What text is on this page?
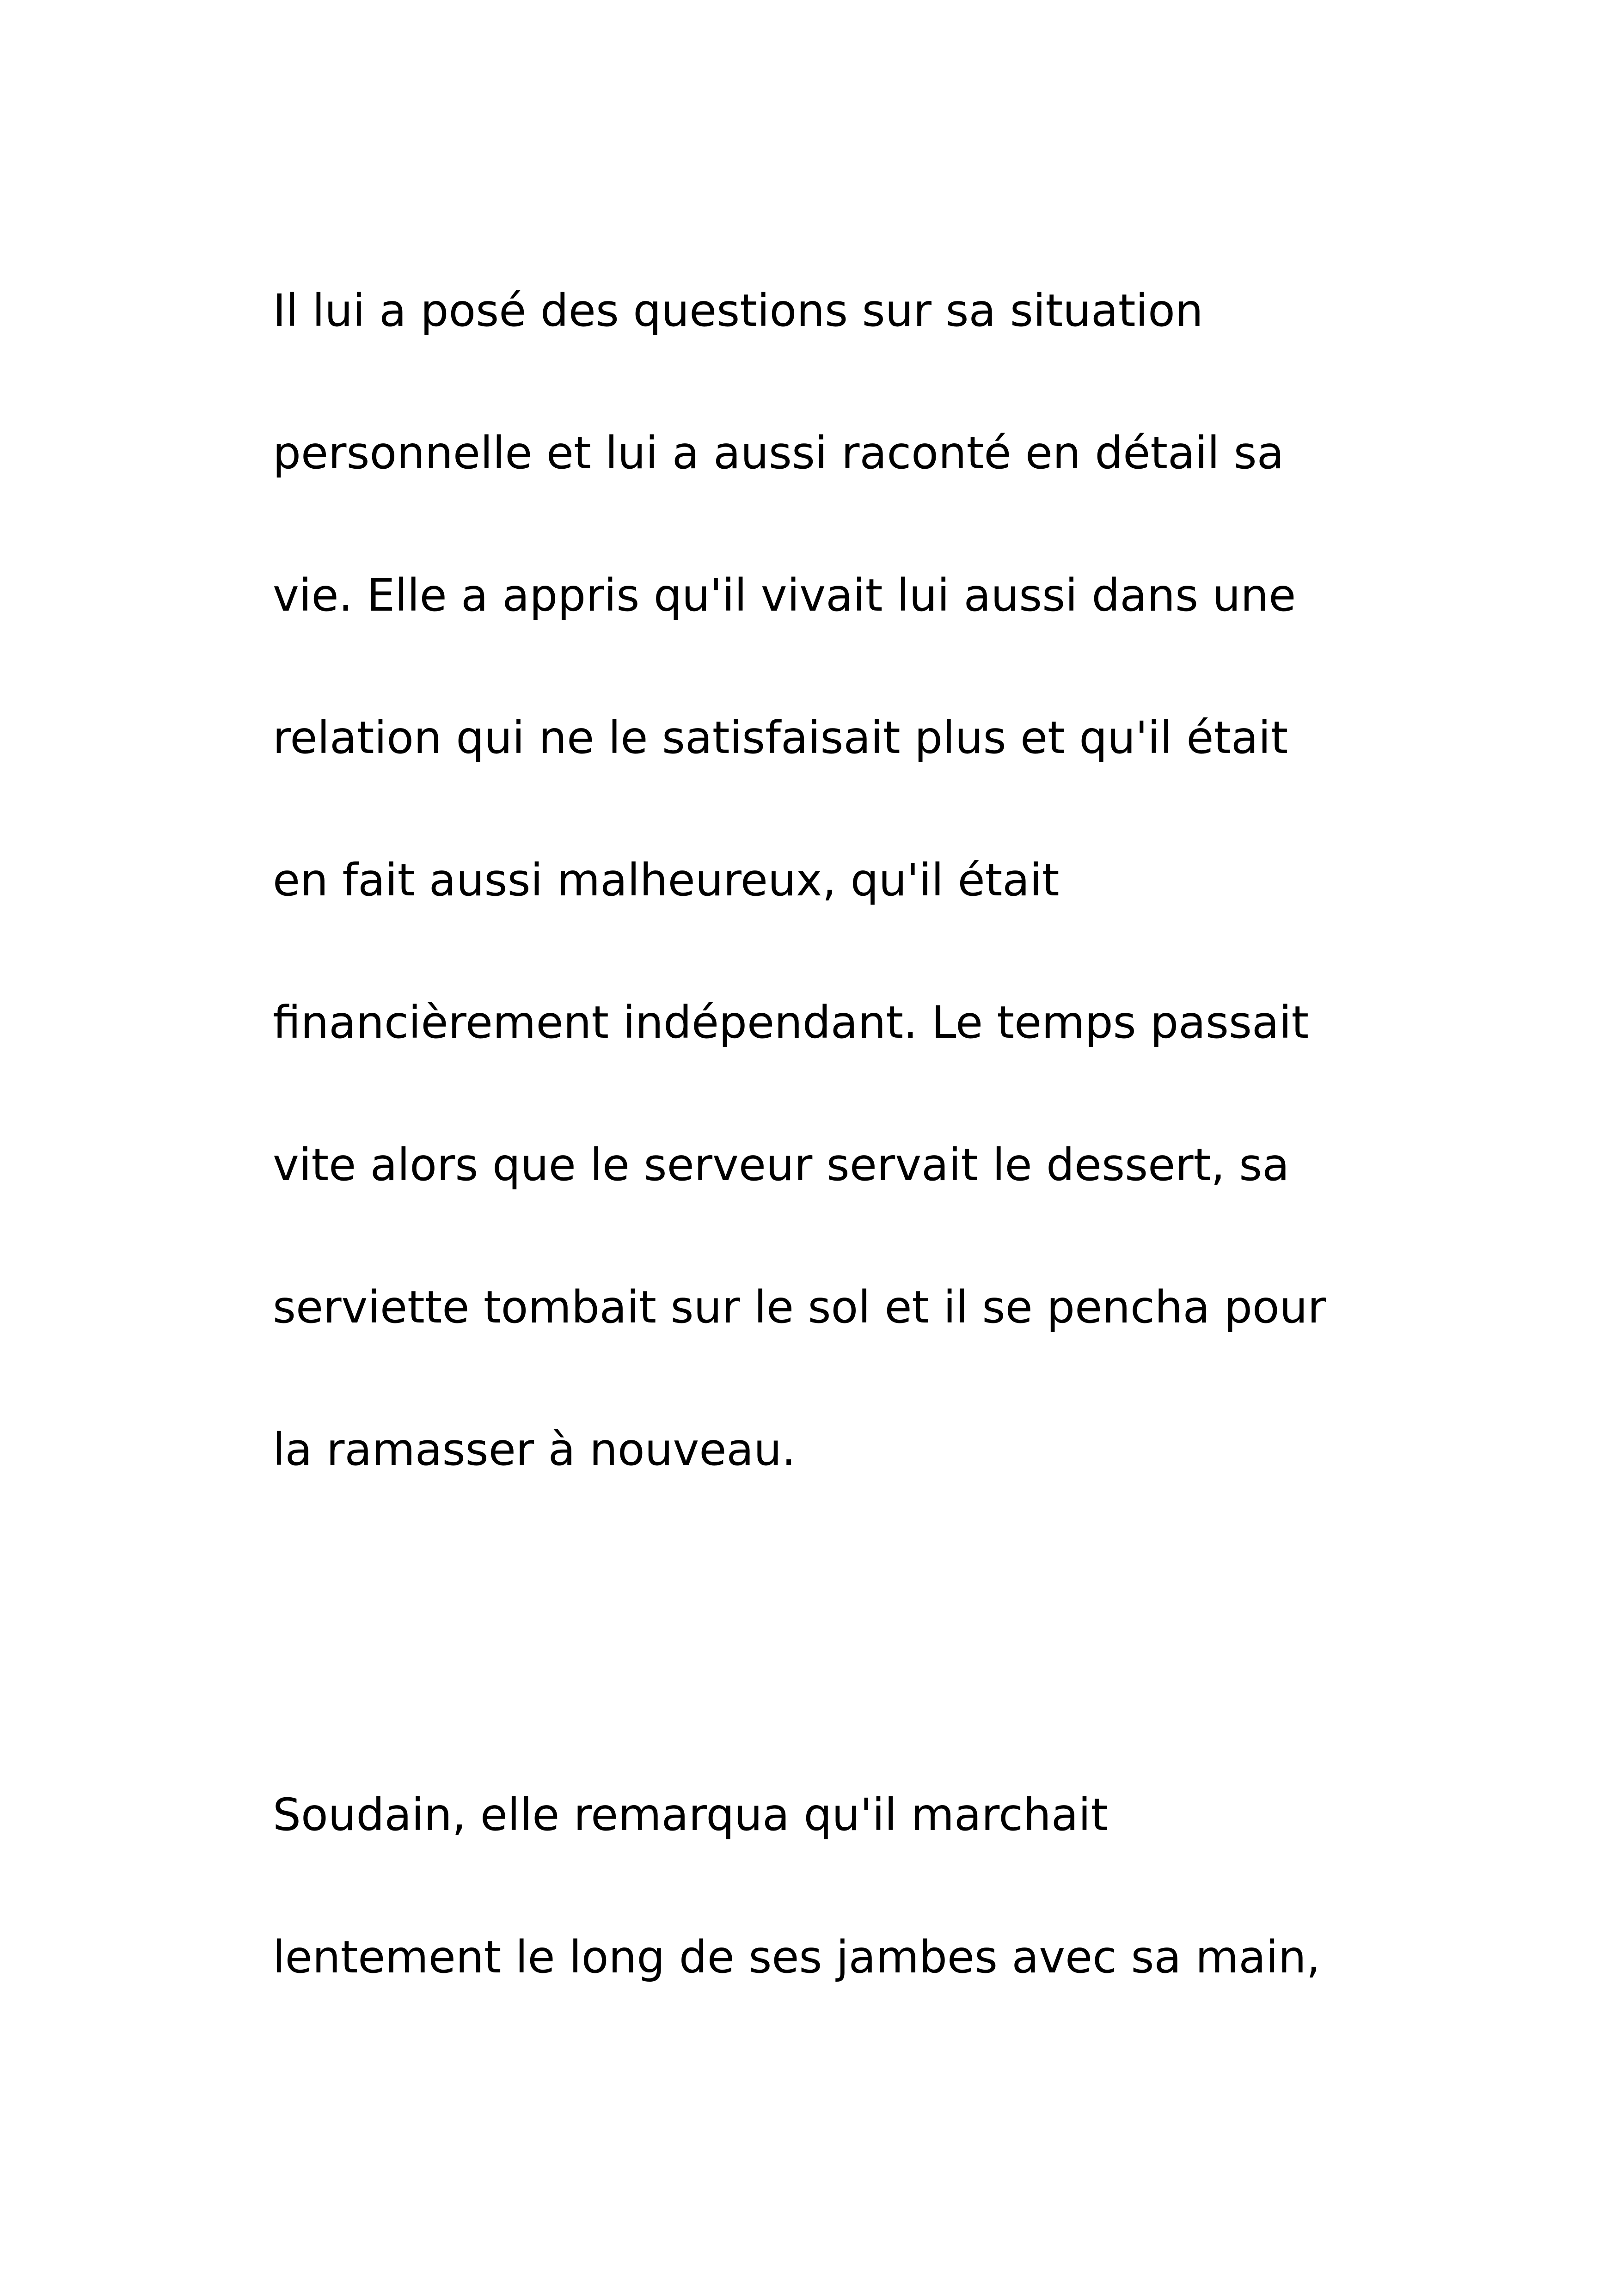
Il lui a posé des questions sur sa situation

personnelle et lui a aussi raconté en détail sa

vie. Elle a appris qu'il vivait lui aussi dans une

relation qui ne le satisfaisait plus et qu'il était

en fait aussi malheureux, qu'il était

financièrement indépendant. Le temps passait

vite alors que le serveur servait le dessert, sa

serviette tombait sur le sol et il se pencha pour

la ramasser à nouveau.

Soudain, elle remarqua qu'il marchait

lentement le long de ses jambes avec sa main,
